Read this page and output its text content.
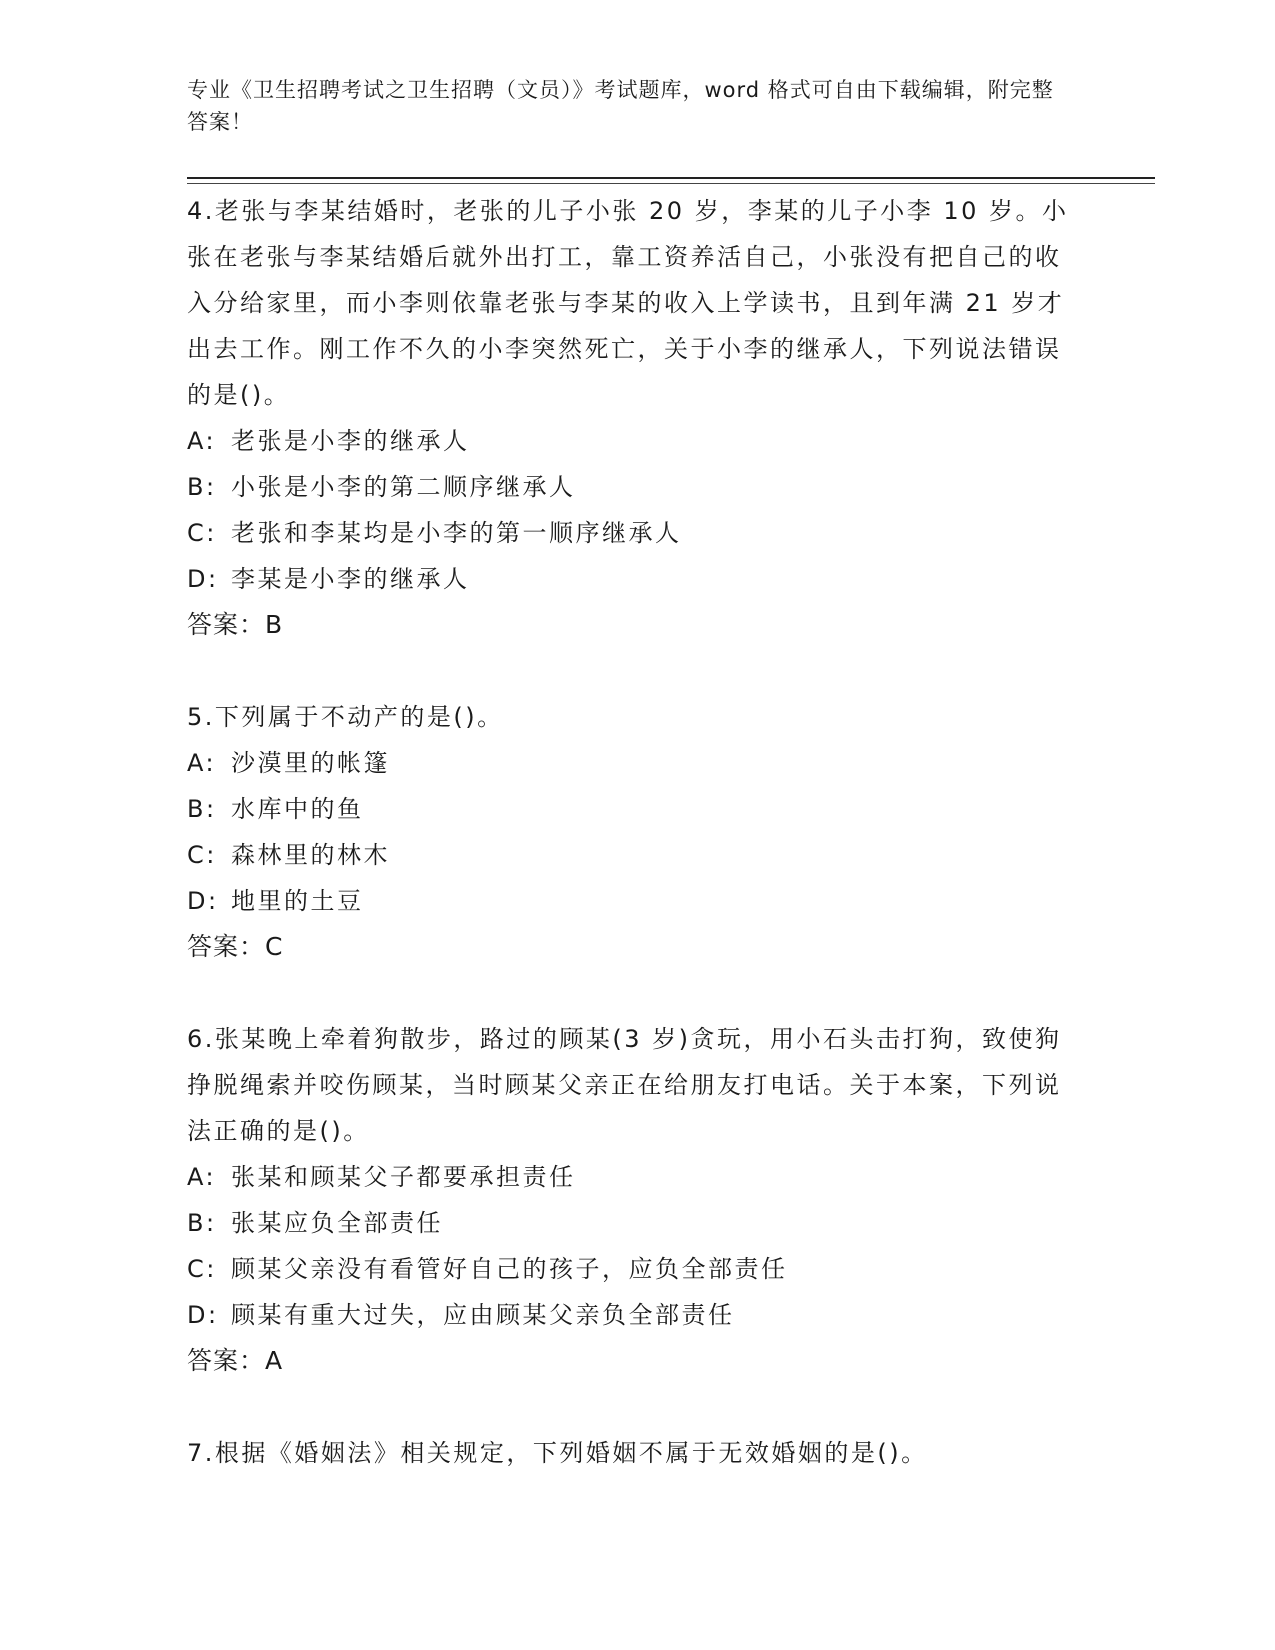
专业《卫生招聘考试之卫生招聘（文员）》考试题库，word 格式可自由下载编辑，附完整答案！
4.老张与李某结婚时，老张的儿子小张 20 岁，李某的儿子小李 10 岁。小张在老张与李某结婚后就外出打工，靠工资养活自己，小张没有把自己的收入分给家里，而小李则依靠老张与李某的收入上学读书，且到年满 21 岁才出去工作。刚工作不久的小李突然死亡，关于小李的继承人，下列说法错误的是()。
A: 老张是小李的继承人
B: 小张是小李的第二顺序继承人
C: 老张和李某均是小李的第一顺序继承人
D: 李某是小李的继承人
答案：B
5.下列属于不动产的是()。
A: 沙漠里的帐篷
B: 水库中的鱼
C: 森林里的林木
D: 地里的土豆
答案：C
6.张某晚上牵着狗散步，路过的顾某(3 岁)贪玩，用小石头击打狗，致使狗挣脱绳索并咬伤顾某，当时顾某父亲正在给朋友打电话。关于本案，下列说法正确的是()。
A: 张某和顾某父子都要承担责任
B: 张某应负全部责任
C: 顾某父亲没有看管好自己的孩子，应负全部责任
D: 顾某有重大过失，应由顾某父亲负全部责任
答案：A
7.根据《婚姻法》相关规定，下列婚姻不属于无效婚姻的是()。
